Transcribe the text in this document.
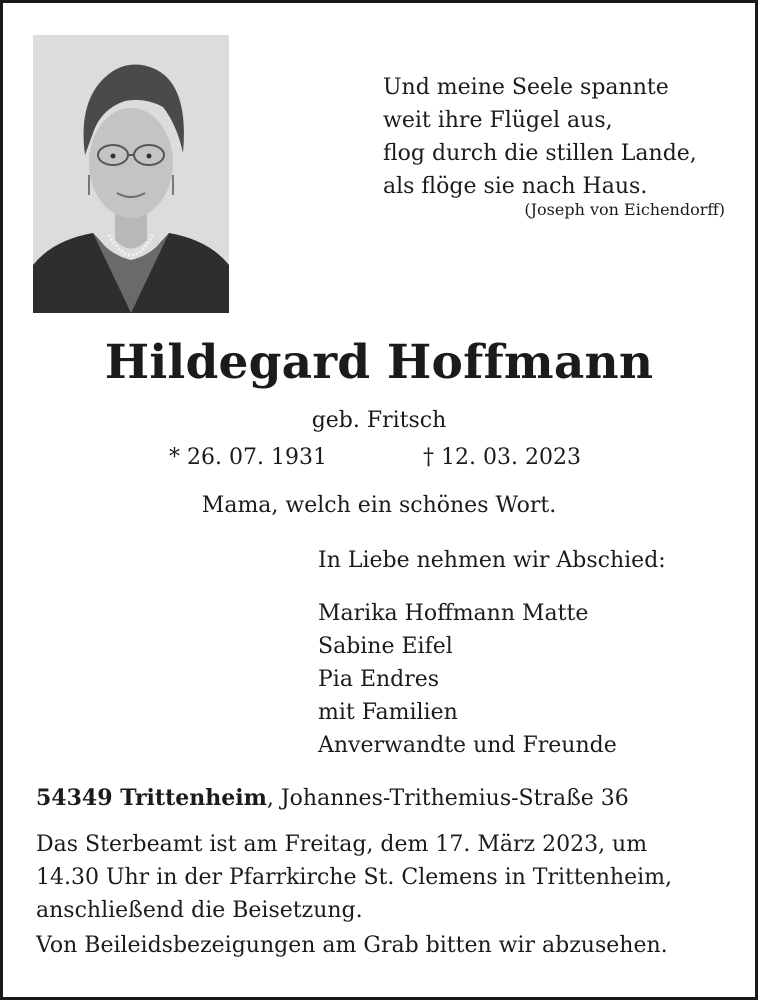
Und meine Seele spannte
weit ihre Flügel aus,
flog durch die stillen Lande,
als flöge sie nach Haus.
(Joseph von Eichendorff)
Hildegard Hoffmann
geb. Fritsch
* 26. 07. 1931	† 12. 03. 2023
Mama, welch ein schönes Wort.
In Liebe nehmen wir Abschied:
Marika Hoffmann Matte
Sabine Eifel
Pia Endres
mit Familien
Anverwandte und Freunde
54349 Trittenheim, Johannes-Trithemius-Straße 36
Das Sterbeamt ist am Freitag, dem 17. März 2023, um
14.30 Uhr in der Pfarrkirche St. Clemens in Trittenheim,
anschließend die Beisetzung.
Von Beileidsbezeigungen am Grab bitten wir abzusehen.
